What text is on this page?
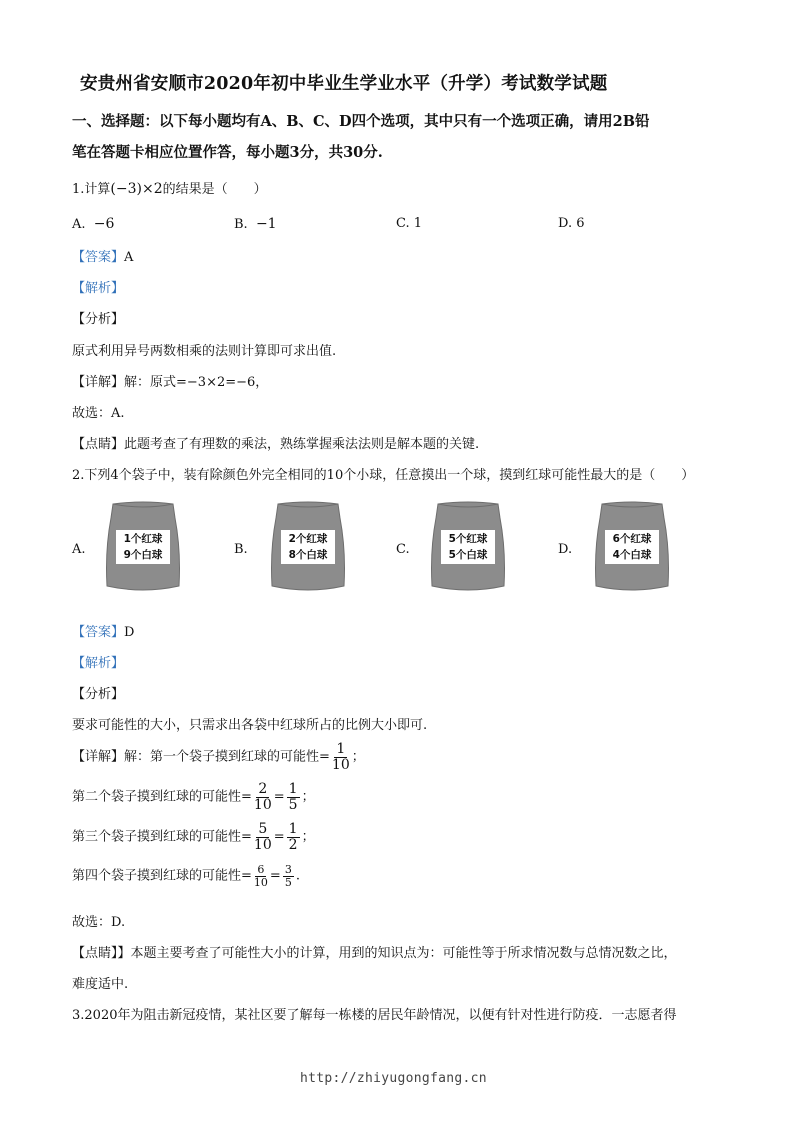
安贵州省安顺市2020年初中毕业生学业水平（升学）考试数学试题
一、选择题：以下每小题均有A、B、C、D四个选项，其中只有一个选项正确，请用2B铅
笔在答题卡相应位置作答，每小题3分，共30分.
1.计算(−3)×2的结果是（　　）
A. −6	B. −1	C. 1	D. 6
【答案】A
【解析】
【分析】
原式利用异号两数相乘的法则计算即可求出值.
【详解】解：原式=−3×2=−6，
故选：A.
【点睛】此题考查了有理数的乘法，熟练掌握乘法法则是解本题的关键.
2.下列4个袋子中，装有除颜色外完全相同的10个小球，任意摸出一个球，摸到红球可能性最大的是（　　）
A.
1个红球
9个白球	B.
2个红球
8个白球	C.
5个红球
5个白球	D.
6个红球
4个白球
【答案】D
【解析】
【分析】
要求可能性的大小，只需求出各袋中红球所占的比例大小即可.
【详解】解：第一个袋子摸到红球的可能性= $\frac{1}{10}$ ；
第二个袋子摸到红球的可能性= $\frac{2}{10} = \frac{1}{5}$ ；
第三个袋子摸到红球的可能性= $\frac{5}{10} = \frac{1}{2}$ ；
第四个袋子摸到红球的可能性= $\frac{6}{10} = \frac{3}{5}$ .
故选：D.
【点睛】】本题主要考查了可能性大小的计算，用到的知识点为：可能性等于所求情况数与总情况数之比，
难度适中.
3.2020年为阻击新冠疫情，某社区要了解每一栋楼的居民年龄情况，以便有针对性进行防疫．一志愿者得
http://zhiyugongfang.cn
